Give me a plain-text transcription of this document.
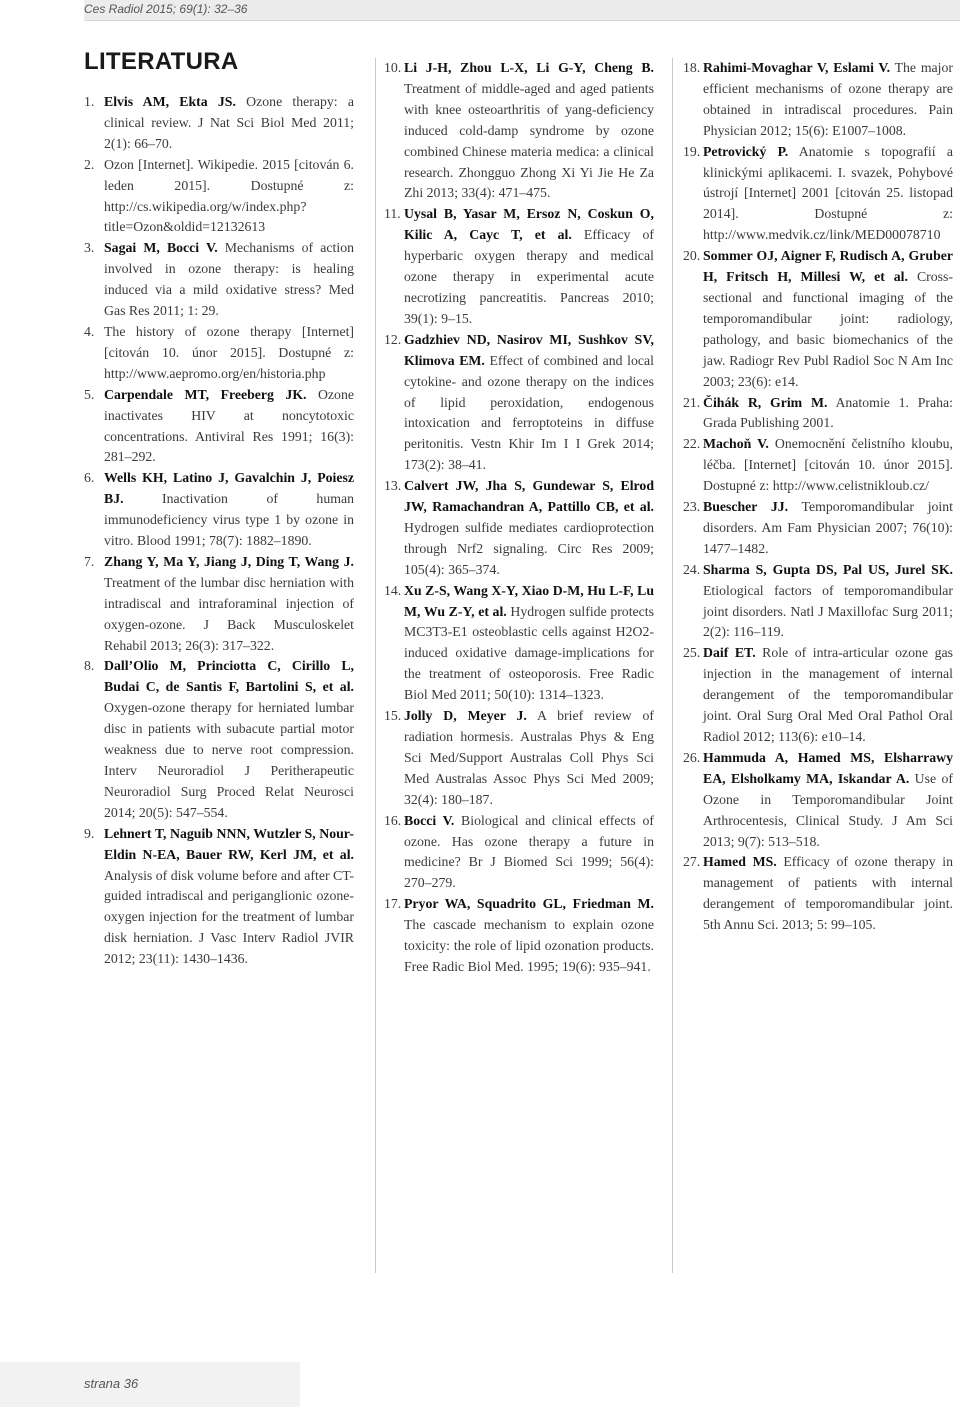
Ces Radiol 2015; 69(1): 32–36
LITERATURA
1. Elvis AM, Ekta JS. Ozone therapy: a clinical review. J Nat Sci Biol Med 2011; 2(1): 66–70.
2. Ozon [Internet]. Wikipedie. 2015 [citován 6. leden 2015]. Dostupné z: http://cs.wikipedia.org/w/index.php?title=Ozon&oldid=12132613
3. Sagai M, Bocci V. Mechanisms of action involved in ozone therapy: is healing induced via a mild oxidative stress? Med Gas Res 2011; 1: 29.
4. The history of ozone therapy [Internet] [citován 10. únor 2015]. Dostupné z: http://www.aepromo.org/en/historia.php
5. Carpendale MT, Freeberg JK. Ozone inactivates HIV at noncytotoxic concentrations. Antiviral Res 1991; 16(3): 281–292.
6. Wells KH, Latino J, Gavalchin J, Poiesz BJ. Inactivation of human immunodeficiency virus type 1 by ozone in vitro. Blood 1991; 78(7): 1882–1890.
7. Zhang Y, Ma Y, Jiang J, Ding T, Wang J. Treatment of the lumbar disc herniation with intradiscal and intraforaminal injection of oxygen-ozone. J Back Musculoskelet Rehabil 2013; 26(3): 317–322.
8. Dall’Olio M, Princiotta C, Cirillo L, Budai C, de Santis F, Bartolini S, et al. Oxygen-ozone therapy for herniated lumbar disc in patients with subacute partial motor weakness due to nerve root compression. Interv Neuroradiol J Peritherapeutic Neuroradiol Surg Proced Relat Neurosci 2014; 20(5): 547–554.
9. Lehnert T, Naguib NNN, Wutzler S, Nour-Eldin N-EA, Bauer RW, Kerl JM, et al. Analysis of disk volume before and after CT-guided intradiscal and periganglionic ozone-oxygen injection for the treatment of lumbar disk herniation. J Vasc Interv Radiol JVIR 2012; 23(11): 1430–1436.
10. Li J-H, Zhou L-X, Li G-Y, Cheng B. Treatment of middle-aged and aged patients with knee osteoarthritis of yang-deficiency induced cold-damp syndrome by ozone combined Chinese materia medica: a clinical research. Zhongguo Zhong Xi Yi Jie He Za Zhi 2013; 33(4): 471–475.
11. Uysal B, Yasar M, Ersoz N, Coskun O, Kilic A, Cayc T, et al. Efficacy of hyperbaric oxygen therapy and medical ozone therapy in experimental acute necrotizing pancreatitis. Pancreas 2010; 39(1): 9–15.
12. Gadzhiev ND, Nasirov MI, Sushkov SV, Klimova EM. Effect of combined and local cytokine- and ozone therapy on the indices of lipid peroxidation, endogenous intoxication and ferroptoteins in diffuse peritonitis. Vestn Khir Im I I Grek 2014; 173(2): 38–41.
13. Calvert JW, Jha S, Gundewar S, Elrod JW, Ramachandran A, Pattillo CB, et al. Hydrogen sulfide mediates cardioprotection through Nrf2 signaling. Circ Res 2009; 105(4): 365–374.
14. Xu Z-S, Wang X-Y, Xiao D-M, Hu L-F, Lu M, Wu Z-Y, et al. Hydrogen sulfide protects MC3T3-E1 osteoblastic cells against H2O2-induced oxidative damage-implications for the treatment of osteoporosis. Free Radic Biol Med 2011; 50(10): 1314–1323.
15. Jolly D, Meyer J. A brief review of radiation hormesis. Australas Phys & Eng Sci Med/Support Australas Coll Phys Sci Med Australas Assoc Phys Sci Med 2009; 32(4): 180–187.
16. Bocci V. Biological and clinical effects of ozone. Has ozone therapy a future in medicine? Br J Biomed Sci 1999; 56(4): 270–279.
17. Pryor WA, Squadrito GL, Friedman M. The cascade mechanism to explain ozone toxicity: the role of lipid ozonation products. Free Radic Biol Med. 1995; 19(6): 935–941.
18. Rahimi-Movaghar V, Eslami V. The major efficient mechanisms of ozone therapy are obtained in intradiscal procedures. Pain Physician 2012; 15(6): E1007–1008.
19. Petrovický P. Anatomie s topografií a klinickými aplikacemi. I. svazek, Pohybové ústrojí [Internet] 2001 [citován 25. listopad 2014]. Dostupné z: http://www.medvik.cz/link/MED00078710
20. Sommer OJ, Aigner F, Rudisch A, Gruber H, Fritsch H, Millesi W, et al. Cross-sectional and functional imaging of the temporomandibular joint: radiology, pathology, and basic biomechanics of the jaw. Radiogr Rev Publ Radiol Soc N Am Inc 2003; 23(6): e14.
21. Čihák R, Grim M. Anatomie 1. Praha: Grada Publishing 2001.
22. Machoň V. Onemocnění čelistního kloubu, léčba. [Internet] [citován 10. únor 2015]. Dostupné z: http://www.celistnikloub.cz/
23. Buescher JJ. Temporomandibular joint disorders. Am Fam Physician 2007; 76(10): 1477–1482.
24. Sharma S, Gupta DS, Pal US, Jurel SK. Etiological factors of temporomandibular joint disorders. Natl J Maxillofac Surg 2011; 2(2): 116–119.
25. Daif ET. Role of intra-articular ozone gas injection in the management of internal derangement of the temporomandibular joint. Oral Surg Oral Med Oral Pathol Oral Radiol 2012; 113(6): e10–14.
26. Hammuda A, Hamed MS, Elsharrawy EA, Elsholkamy MA, Iskandar A. Use of Ozone in Temporomandibular Joint Arthrocentesis, Clinical Study. J Am Sci 2013; 9(7): 513–518.
27. Hamed MS. Efficacy of ozone therapy in management of patients with internal derangement of temporomandibular joint. 5th Annu Sci. 2013; 5: 99–105.
strana 36
